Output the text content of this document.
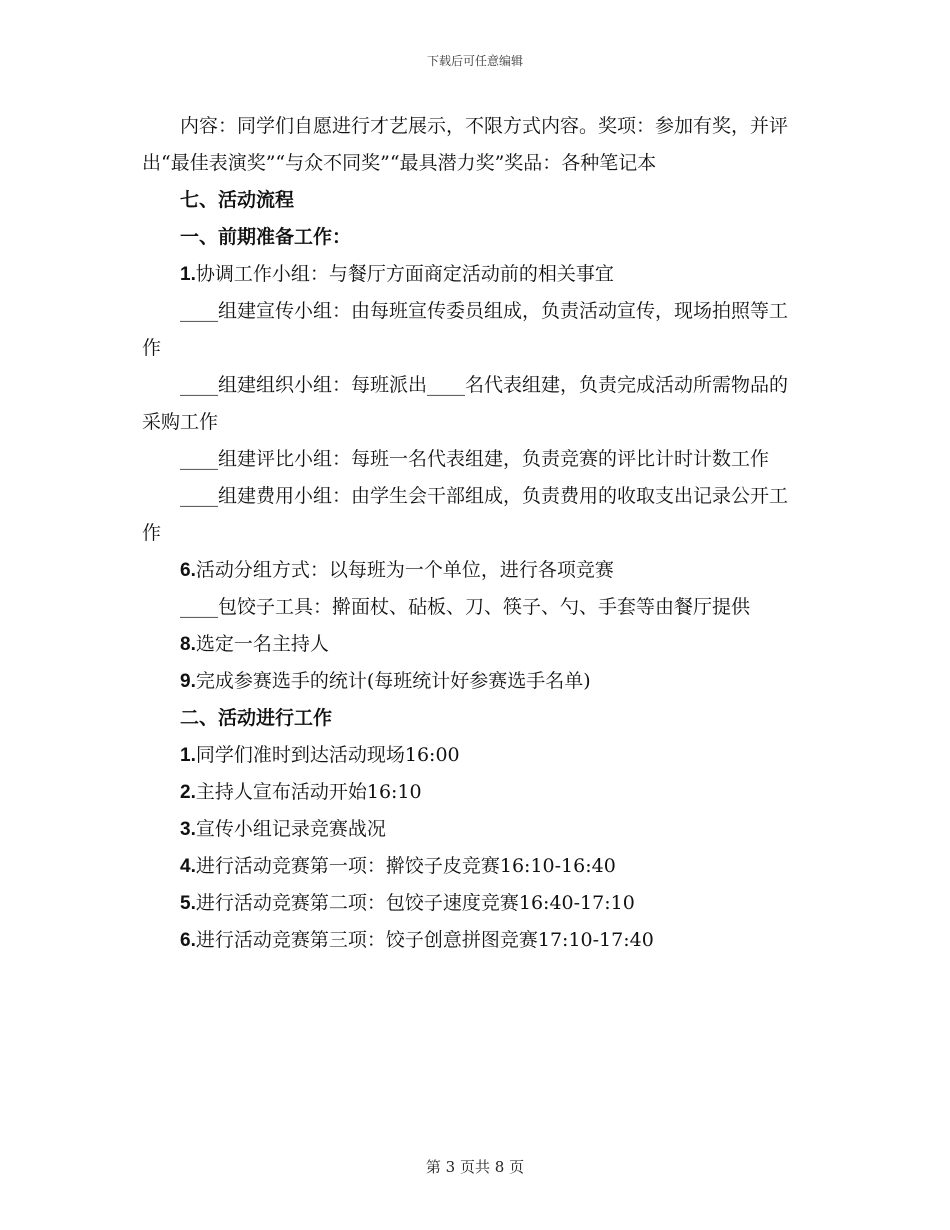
下载后可任意编辑

内容：同学们自愿进行才艺展示，不限方式内容。奖项：参加有奖，并评出“最佳表演奖”“与众不同奖”“最具潜力奖”奖品：各种笔记本

七、活动流程

一、前期准备工作：

1.协调工作小组：与餐厅方面商定活动前的相关事宜

____组建宣传小组：由每班宣传委员组成，负责活动宣传，现场拍照等工作

____组建组织小组：每班派出____名代表组建，负责完成活动所需物品的采购工作

____组建评比小组：每班一名代表组建，负责竞赛的评比计时计数工作

____组建费用小组：由学生会干部组成，负责费用的收取支出记录公开工作

6.活动分组方式：以每班为一个单位，进行各项竞赛

____包饺子工具：擀面杖、砧板、刀、筷子、勺、手套等由餐厅提供

8.选定一名主持人

9.完成参赛选手的统计(每班统计好参赛选手名单)

二、活动进行工作

1.同学们准时到达活动现场16:00

2.主持人宣布活动开始16:10

3.宣传小组记录竞赛战况

4.进行活动竞赛第一项：擀饺子皮竞赛16:10-16:40

5.进行活动竞赛第二项：包饺子速度竞赛16:40-17:10

6.进行活动竞赛第三项：饺子创意拼图竞赛17:10-17:40

第 3 页共 8 页
